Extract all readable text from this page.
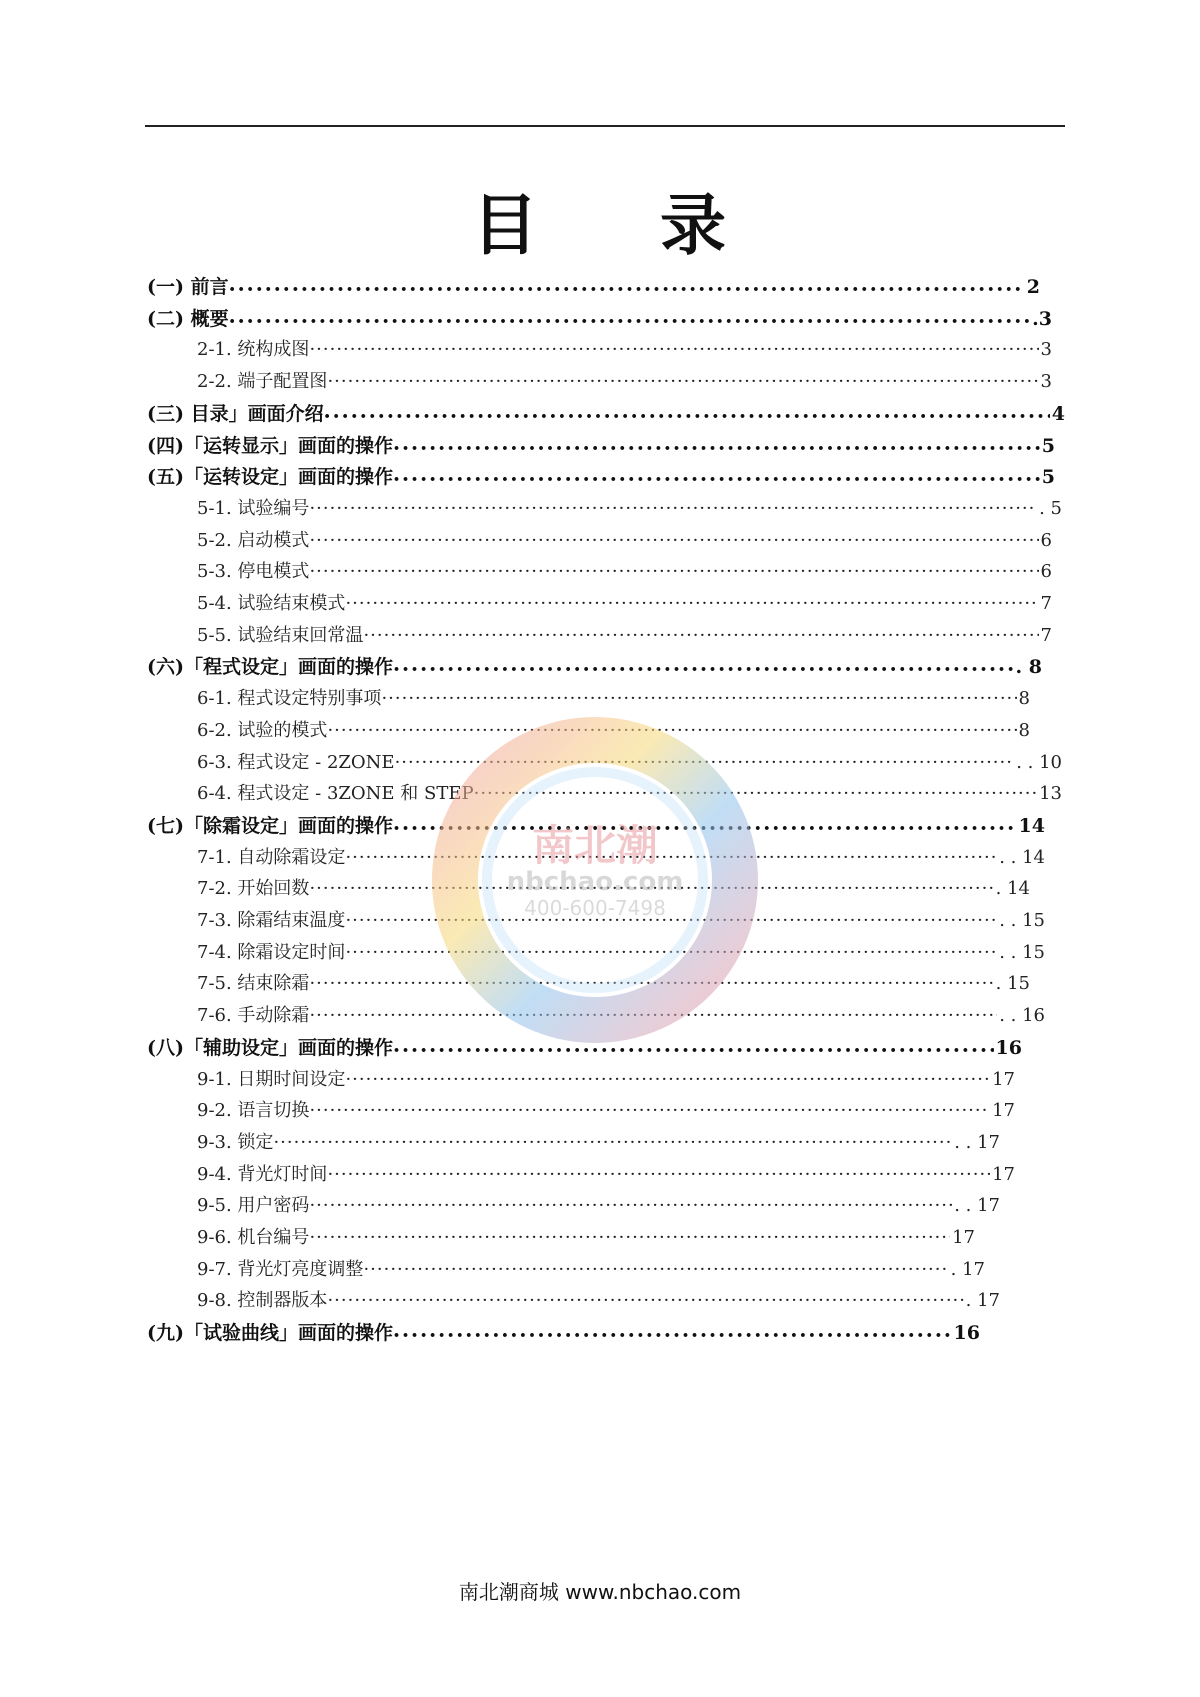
目 录
(一) 前言 •••••	2
(二) 概要 •••••	.3
2-1. 统构成图 ·····	3
2-2. 端子配置图 ·····	3
(三) 目录」画面介绍 •••••	4
(四)「运转显示」画面的操作 •••••	5
(五)「运转设定」画面的操作 •••••	5
5-1. 试验编号 ·····	. 5
5-2. 启动模式 ·····	6
5-3. 停电模式 ·····	6
5-4. 试验结束模式 ·····	7
5-5. 试验结束回常温 ·····	7
(六)「程式设定」画面的操作 •••••	. 8
6-1. 程式设定特别事项 ·····	8
6-2. 试验的模式 ·····	8
6-3. 程式设定 - 2ZONE ·····	. . 10
6-4. 程式设定 - 3ZONE 和 STEP ·····	13
(七)「除霜设定」画面的操作 •••••	14
7-1. 自动除霜设定 ·····	. . 14
7-2. 开始回数 ·····	. 14
7-3. 除霜结束温度 ·····	. . 15
7-4. 除霜设定时间 ·····	. . 15
7-5. 结束除霜 ·····	. 15
7-6. 手动除霜 ·····	. . 16
(八)「辅助设定」画面的操作 •••••	16
9-1. 日期时间设定 ·····	17
9-2. 语言切换 ·····	17
9-3. 锁定 ·····	. . 17
9-4. 背光灯时间 ·····	17
9-5. 用户密码 ·····	. . 17
9-6. 机台编号 ·····	17
9-7. 背光灯亮度调整 ·····	. 17
9-8. 控制器版本 ·····	. 17
(九)「试验曲线」画面的操作 •••••	16
南北潮
nbchao.com
400-600-7498
南北潮商城 www.nbchao.com
